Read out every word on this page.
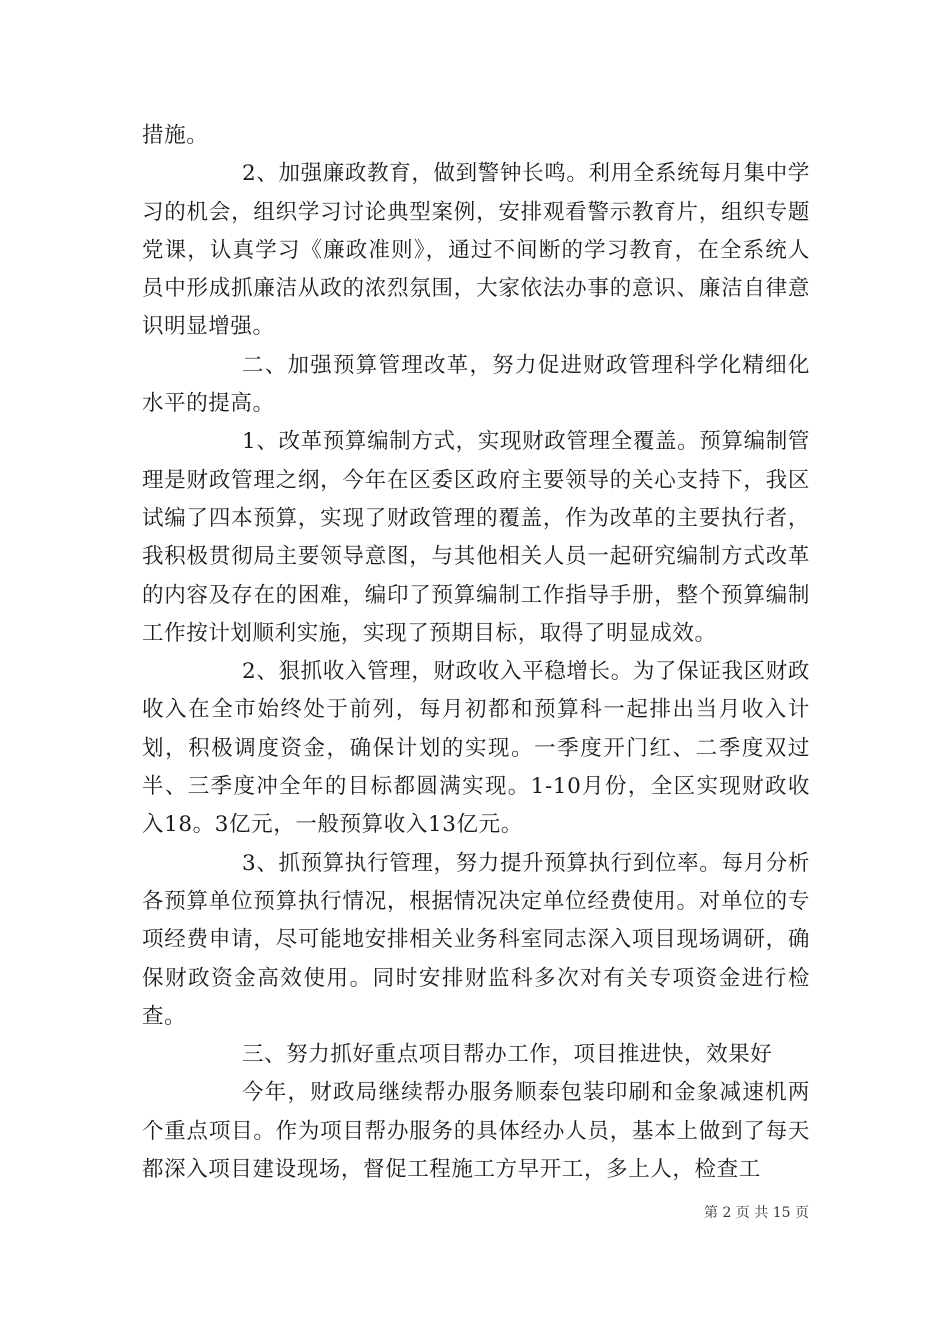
措施。

2、加强廉政教育，做到警钟长鸣。利用全系统每月集中学习的机会，组织学习讨论典型案例，安排观看警示教育片，组织专题党课，认真学习《廉政准则》，通过不间断的学习教育，在全系统人员中形成抓廉洁从政的浓烈氛围，大家依法办事的意识、廉洁自律意识明显增强。

二、加强预算管理改革，努力促进财政管理科学化精细化水平的提高。

1、改革预算编制方式，实现财政管理全覆盖。预算编制管理是财政管理之纲，今年在区委区政府主要领导的关心支持下，我区试编了四本预算，实现了财政管理的覆盖，作为改革的主要执行者，我积极贯彻局主要领导意图，与其他相关人员一起研究编制方式改革的内容及存在的困难，编印了预算编制工作指导手册，整个预算编制工作按计划顺利实施，实现了预期目标，取得了明显成效。

2、狠抓收入管理，财政收入平稳增长。为了保证我区财政收入在全市始终处于前列，每月初都和预算科一起排出当月收入计划，积极调度资金，确保计划的实现。一季度开门红、二季度双过半、三季度冲全年的目标都圆满实现。1-10月份，全区实现财政收入18。3亿元，一般预算收入13亿元。

3、抓预算执行管理，努力提升预算执行到位率。每月分析各预算单位预算执行情况，根据情况决定单位经费使用。对单位的专项经费申请，尽可能地安排相关业务科室同志深入项目现场调研，确保财政资金高效使用。同时安排财监科多次对有关专项资金进行检查。

三、努力抓好重点项目帮办工作，项目推进快，效果好

今年，财政局继续帮办服务顺泰包装印刷和金象减速机两个重点项目。作为项目帮办服务的具体经办人员，基本上做到了每天都深入项目建设现场，督促工程施工方早开工，多上人，检查工

第 2 页 共 15 页
